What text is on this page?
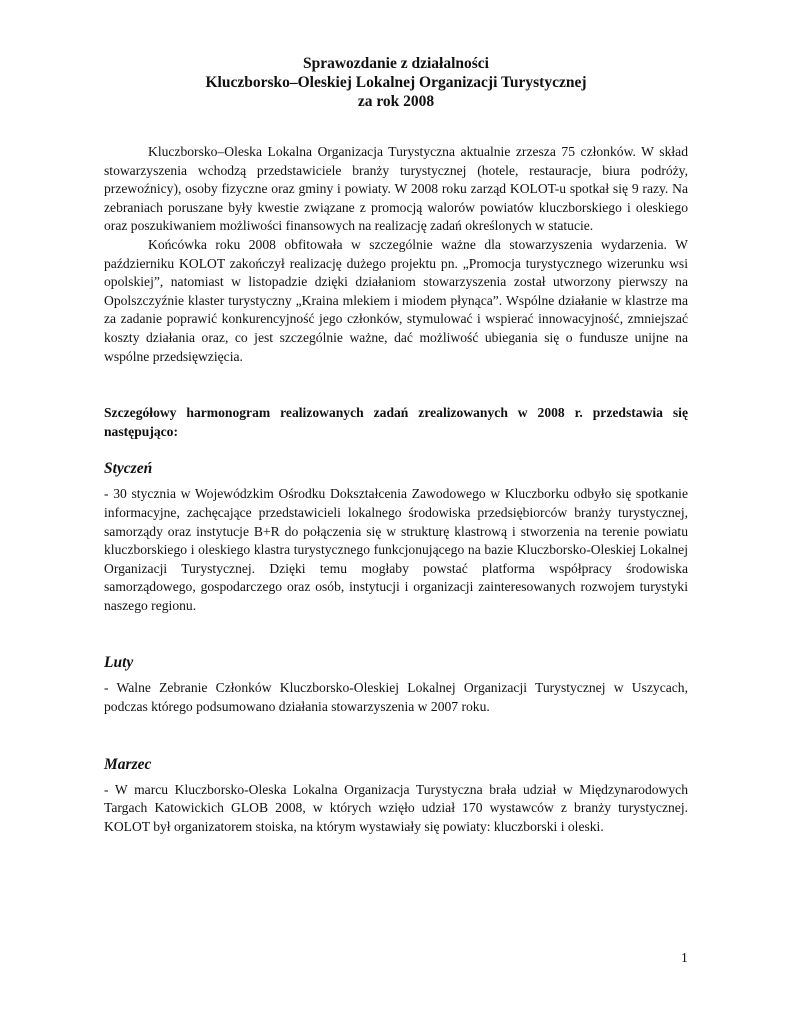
Sprawozdanie z działalności
Kluczborsko–Oleskiej Lokalnej Organizacji Turystycznej
za rok 2008

Kluczborsko–Oleska Lokalna Organizacja Turystyczna aktualnie zrzesza 75 członków. W skład stowarzyszenia wchodzą przedstawiciele branży turystycznej (hotele, restauracje, biura podróży, przewoźnicy), osoby fizyczne oraz gminy i powiaty. W 2008 roku zarząd KOLOT-u spotkał się 9 razy. Na zebraniach poruszane były kwestie związane z promocją walorów powiatów kluczborskiego i oleskiego oraz poszukiwaniem możliwości finansowych na realizację zadań określonych w statucie.

Końcówka roku 2008 obfitowała w szczególnie ważne dla stowarzyszenia wydarzenia. W październiku KOLOT zakończył realizację dużego projektu pn. „Promocja turystycznego wizerunku wsi opolskiej”, natomiast w listopadzie dzięki działaniom stowarzyszenia został utworzony pierwszy na Opolszczyźnie klaster turystyczny „Kraina mlekiem i miodem płynąca”. Wspólne działanie w klastrze ma za zadanie poprawić konkurencyjność jego członków, stymulować i wspierać innowacyjność, zmniejszać koszty działania oraz, co jest szczególnie ważne, dać możliwość ubiegania się o fundusze unijne na wspólne przedsięwzięcia.

Szczegółowy harmonogram realizowanych zadań zrealizowanych w 2008 r. przedstawia się następująco:

Styczeń

- 30 stycznia w Wojewódzkim Ośrodku Dokształcenia Zawodowego w Kluczborku odbyło się spotkanie informacyjne, zachęcające przedstawicieli lokalnego środowiska przedsiębiorców branży turystycznej, samorządy oraz instytucje B+R do połączenia się w strukturę klastrową i stworzenia na terenie powiatu kluczborskiego i oleskiego klastra turystycznego funkcjonującego na bazie Kluczborsko-Oleskiej Lokalnej Organizacji Turystycznej. Dzięki temu mogłaby powstać platforma współpracy środowiska samorządowego, gospodarczego oraz osób, instytucji i organizacji zainteresowanych rozwojem turystyki naszego regionu.

Luty

- Walne Zebranie Członków Kluczborsko-Oleskiej Lokalnej Organizacji Turystycznej w Uszycach, podczas którego podsumowano działania stowarzyszenia w 2007 roku.

Marzec

- W marcu Kluczborsko-Oleska Lokalna Organizacja Turystyczna brała udział w Międzynarodowych Targach Katowickich GLOB 2008, w których wzięło udział 170 wystawców z branży turystycznej. KOLOT był organizatorem stoiska, na którym wystawiały się powiaty: kluczborski i oleski.

1
